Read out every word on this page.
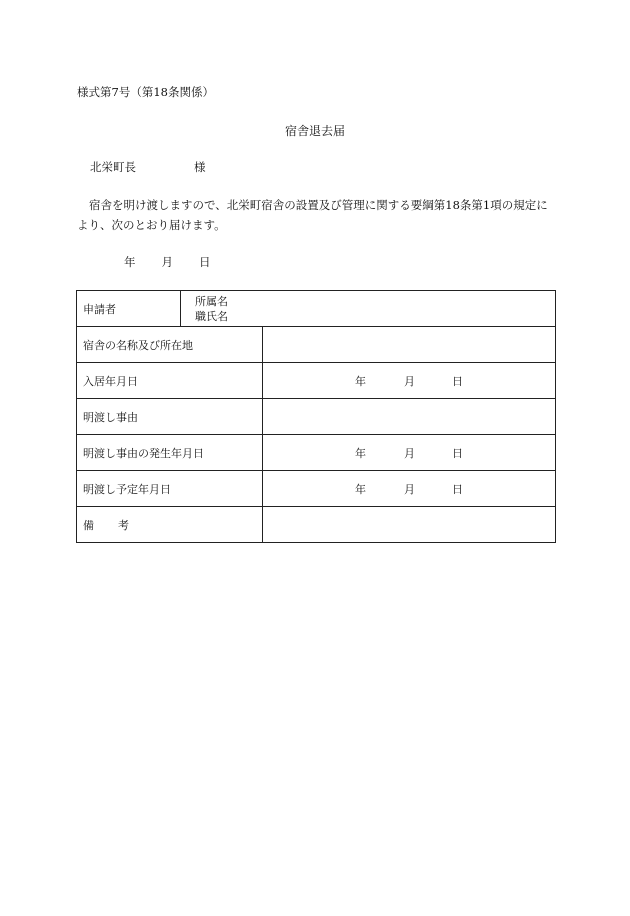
様式第7号（第18条関係）
宿舎退去届
北栄町長	様
宿舎を明け渡しますので、北栄町宿舎の設置及び管理に関する要綱第18条第1項の規定により、次のとおり届けます。
年 月 日
申請者	所属名
職氏名	

宿舎の名称及び所在地		
入居年月日		年 月 日

明渡し事由		
明渡し事由の発生年月日		年 月 日

明渡し予定年月日		年 月 日

備 考		
